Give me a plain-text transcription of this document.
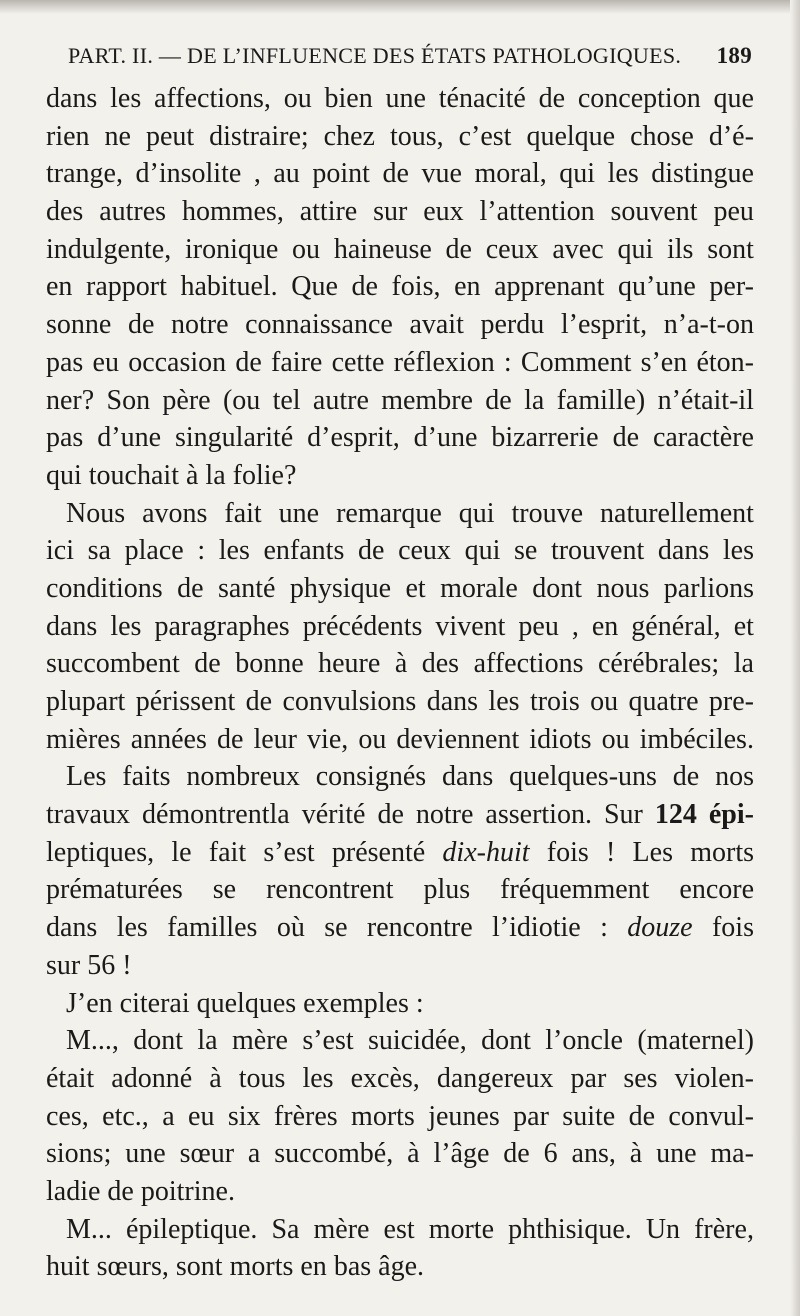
PART. II. — DE L’INFLUENCE DES ÉTATS PATHOLOGIQUES. 189
dans les affections, ou bien une ténacité de conception que
rien ne peut distraire; chez tous, c’est quelque chose d’é-
trange, d’insolite , au point de vue moral, qui les distingue
des autres hommes, attire sur eux l’attention souvent peu
indulgente, ironique ou haineuse de ceux avec qui ils sont
en rapport habituel. Que de fois, en apprenant qu’une per-
sonne de notre connaissance avait perdu l’esprit, n’a-t-on
pas eu occasion de faire cette réflexion : Comment s’en éton-
ner? Son père (ou tel autre membre de la famille) n’était-il
pas d’une singularité d’esprit, d’une bizarrerie de caractère
qui touchait à la folie?
Nous avons fait une remarque qui trouve naturellement
ici sa place : les enfants de ceux qui se trouvent dans les
conditions de santé physique et morale dont nous parlions
dans les paragraphes précédents vivent peu , en général, et
succombent de bonne heure à des affections cérébrales; la
plupart périssent de convulsions dans les trois ou quatre pre-
mières années de leur vie, ou deviennent idiots ou imbéciles.
Les faits nombreux consignés dans quelques-uns de nos
travaux démontrentla vérité de notre assertion. Sur 124 épi-
leptiques, le fait s’est présenté dix-huit fois ! Les morts
prématurées se rencontrent plus fréquemment encore
dans les familles où se rencontre l’idiotie : douze fois
sur 56 !
J’en citerai quelques exemples :
M..., dont la mère s’est suicidée, dont l’oncle (maternel)
était adonné à tous les excès, dangereux par ses violen-
ces, etc., a eu six frères morts jeunes par suite de convul-
sions; une sœur a succombé, à l’âge de 6 ans, à une ma-
ladie de poitrine.
M... épileptique. Sa mère est morte phthisique. Un frère,
huit sœurs, sont morts en bas âge.
